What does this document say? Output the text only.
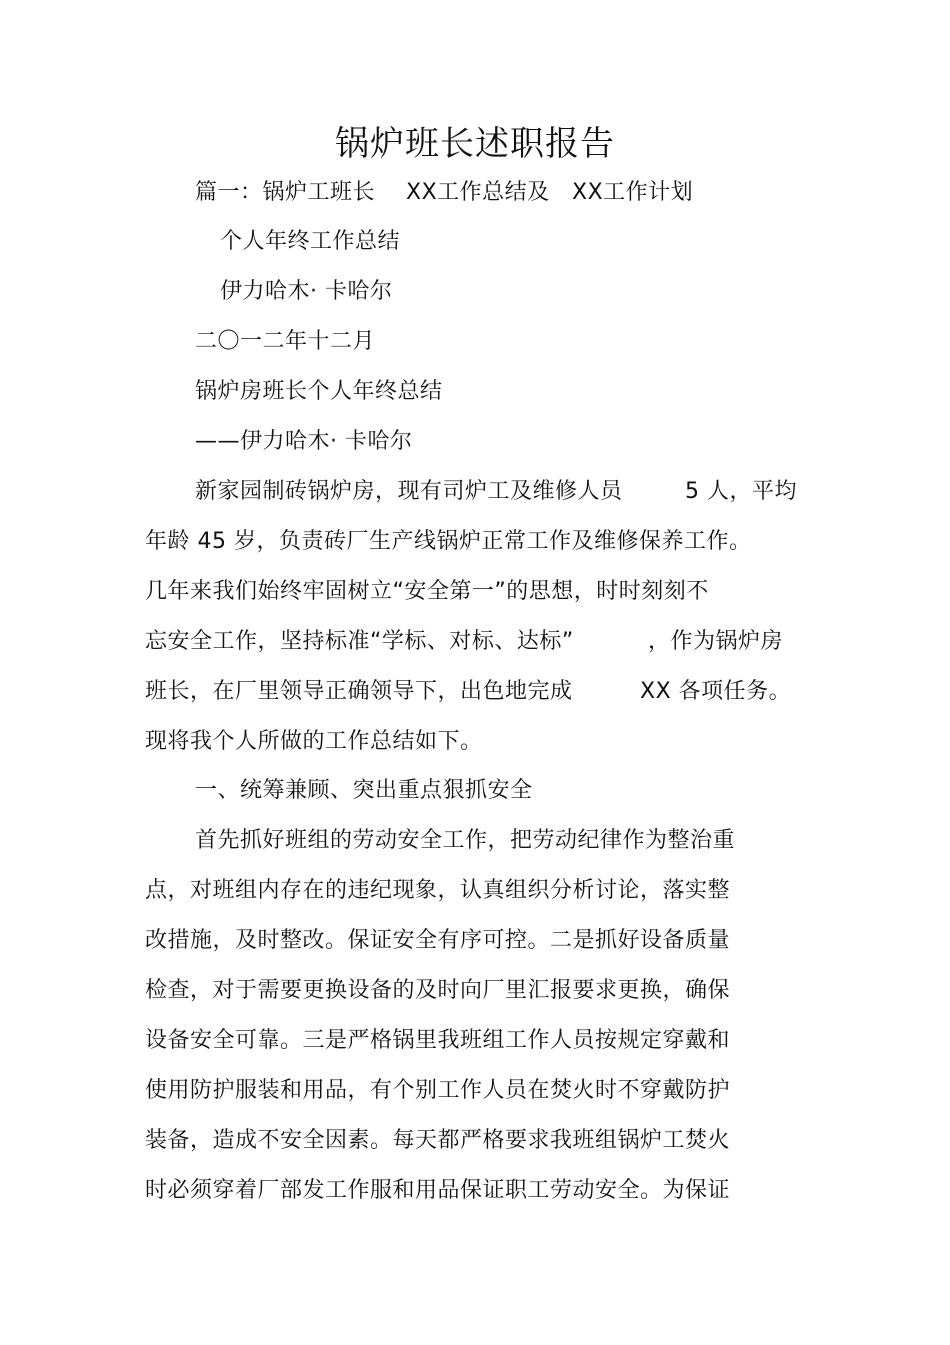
锅炉班长述职报告
篇一：锅炉工班长 XX工作总结及 XX工作计划
个人年终工作总结
伊力哈木· 卡哈尔
二〇一二年十二月
锅炉房班长个人年终总结
——伊力哈木· 卡哈尔
新家园制砖锅炉房，现有司炉工及维修人员	5 人，平均
年龄 45 岁，负责砖厂生产线锅炉正常工作及维修保养工作。
几年来我们始终牢固树立“安全第一”的思想，时时刻刻不
忘安全工作，坚持标准“学标、对标、达标”	，作为锅炉房
班长，在厂里领导正确领导下，出色地完成	XX 各项任务。
现将我个人所做的工作总结如下。
一、统筹兼顾、突出重点狠抓安全
首先抓好班组的劳动安全工作，把劳动纪律作为整治重
点，对班组内存在的违纪现象，认真组织分析讨论，落实整
改措施，及时整改。保证安全有序可控。二是抓好设备质量
检查，对于需要更换设备的及时向厂里汇报要求更换，确保
设备安全可靠。三是严格锅里我班组工作人员按规定穿戴和
使用防护服装和用品，有个别工作人员在焚火时不穿戴防护
装备，造成不安全因素。每天都严格要求我班组锅炉工焚火
时必须穿着厂部发工作服和用品保证职工劳动安全。为保证
